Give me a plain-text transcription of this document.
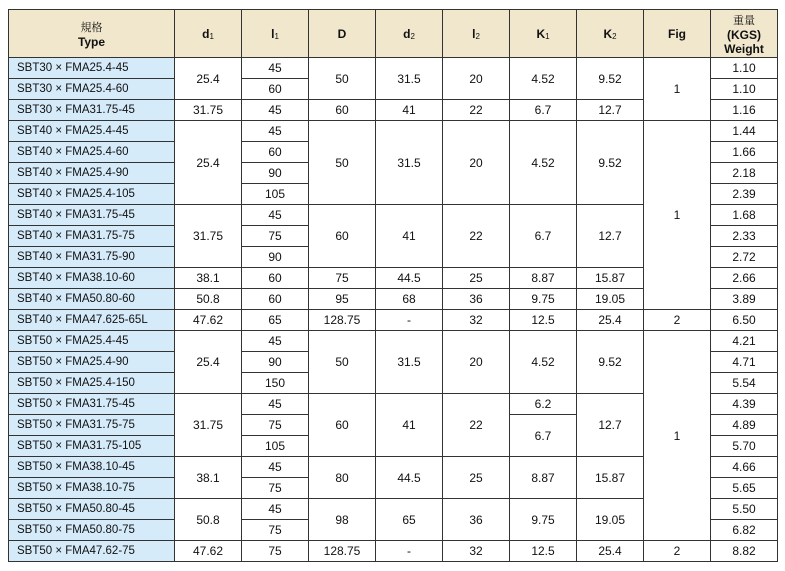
規格
Type	$d_1$	$l_1$	D	$d_2$	$l_2$	$K_1$	$K_2$	Fig	重量
(KGS)
Weight
SBT30 × FMA25.4-45	25.4	45	50	31.5	20	4.52	9.52	1	1.10
SBT30 × FMA25.4-60		60							1.10
SBT30 × FMA31.75-45	31.75	45	60	41	22	6.7	12.7		1.16
SBT40 × FMA25.4-45	25.4	45	50	31.5	20	4.52	9.52	1	1.44
SBT40 × FMA25.4-60		60							1.66
SBT40 × FMA25.4-90		90							2.18
SBT40 × FMA25.4-105		105							2.39
SBT40 × FMA31.75-45	31.75	45	60	41	22	6.7	12.7		1.68
SBT40 × FMA31.75-75		75							2.33
SBT40 × FMA31.75-90		90							2.72
SBT40 × FMA38.10-60	38.1	60	75	44.5	25	8.87	15.87		2.66
SBT40 × FMA50.80-60	50.8	60	95	68	36	9.75	19.05		3.89
SBT40 × FMA47.625-65L	47.62	65	128.75	-	32	12.5	25.4	2	6.50
SBT50 × FMA25.4-45	25.4	45	50	31.5	20	4.52	9.52	1	4.21
SBT50 × FMA25.4-90		90							4.71
SBT50 × FMA25.4-150		150							5.54
SBT50 × FMA31.75-45	31.75	45	60	41	22	6.2	12.7		4.39
SBT50 × FMA31.75-75		75				6.7			4.89
SBT50 × FMA31.75-105		105							5.70
SBT50 × FMA38.10-45	38.1	45	80	44.5	25	8.87	15.87		4.66
SBT50 × FMA38.10-75		75							5.65
SBT50 × FMA50.80-45	50.8	45	98	65	36	9.75	19.05		5.50
SBT50 × FMA50.80-75		75							6.82
SBT50 × FMA47.62-75	47.62	75	128.75	-	32	12.5	25.4	2	8.82
